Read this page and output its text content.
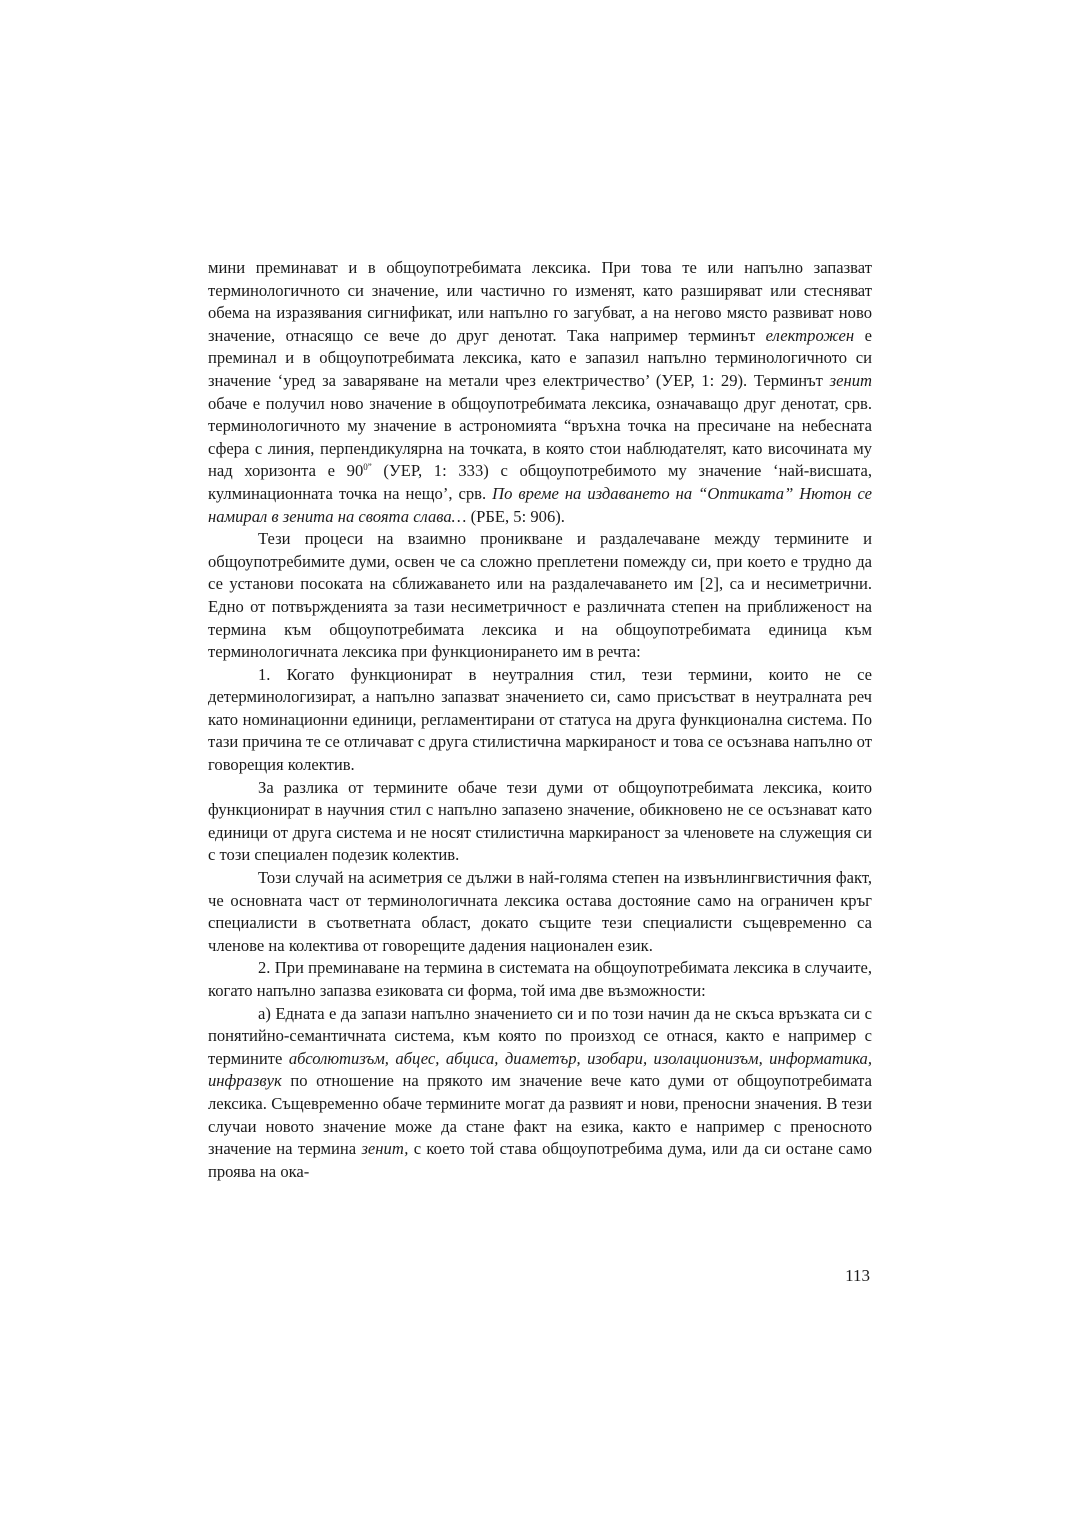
мини преминават и в общоупотребимата лексика. При това те или напълно запазват терминологичното си значение, или частично го изменят, като разширяват или стесняват обема на изразявания сигнификат, или напълно го загубват, а на негово място развиват ново значение, отнасящо се вече до друг денотат. Така например терминът електрожен е преминал и в общоупотребимата лексика, като е запазил напълно терминологичното си значение ‘уред за заваряване на метали чрез електричество’ (УЕР, 1: 29). Терминът зенит обаче е получил ново значение в общоупотребимата лексика, означаващо друг денотат, срв. терминологичното му значение в астрономията “връхна точка на пресичане на небесната сфера с линия, перпендикулярна на точката, в която стои наблюдателят, като височината му над хоризонта е $90^{0”}$ (УЕР, 1: 333) с общоупотребимото му значение ‘най-висшата, кулминационната точка на нещо’, срв. По време на издаването на “Оптиката” Нютон се намирал в зенита на своята слава… (РБЕ, 5: 906).

Тези процеси на взаимно проникване и раздалечаване между термините и общоупотребимите думи, освен че са сложно преплетени помежду си, при което е трудно да се установи посоката на сближаването или на раздалечаването им [2], са и несиметрични. Едно от потвържденията за тази несиметричност е различната степен на приближеност на термина към общоупотребимата лексика и на общоупотребимата единица към терминологичната лексика при функционирането им в речта:

1. Когато функционират в неутралния стил, тези термини, които не се детерминологизират, а напълно запазват значението си, само присъстват в неутралната реч като номинационни единици, регламентирани от статуса на друга функционална система. По тази причина те се отличават с друга стилистична маркираност и това се осъзнава напълно от говорещия колектив.

За разлика от термините обаче тези думи от общоупотребимата лексика, които функционират в научния стил с напълно запазено значение, обикновено не се осъзнават като единици от друга система и не носят стилистична маркираност за членовете на служещия си с този специален подезик колектив.

Този случай на асиметрия се дължи в най-голяма степен на извънлингвистичния факт, че основната част от терминологичната лексика остава достояние само на ограничен кръг специалисти в съответната област, докато същите тези специалисти същевременно са членове на колектива от говорещите дадения национален език.

2. При преминаване на термина в системата на общоупотребимата лексика в случаите, когато напълно запазва езиковата си форма, той има две възможности:

а) Едната е да запази напълно значението си и по този начин да не скъса връзката си с понятийно-семантичната система, към която по произход се отнася, както е например с термините абсолютизъм, абцес, абциса, диаметър, изобари, изолационизъм, информатика, инфразвук по отношение на прякото им значение вече като думи от общоупотребимата лексика. Същевременно обаче термините могат да развият и нови, преносни значения. В тези случаи новото значение може да стане факт на езика, както е например с преносното значение на термина зенит, с което той става общоупотребима дума, или да си остане само проява на ока-

113
